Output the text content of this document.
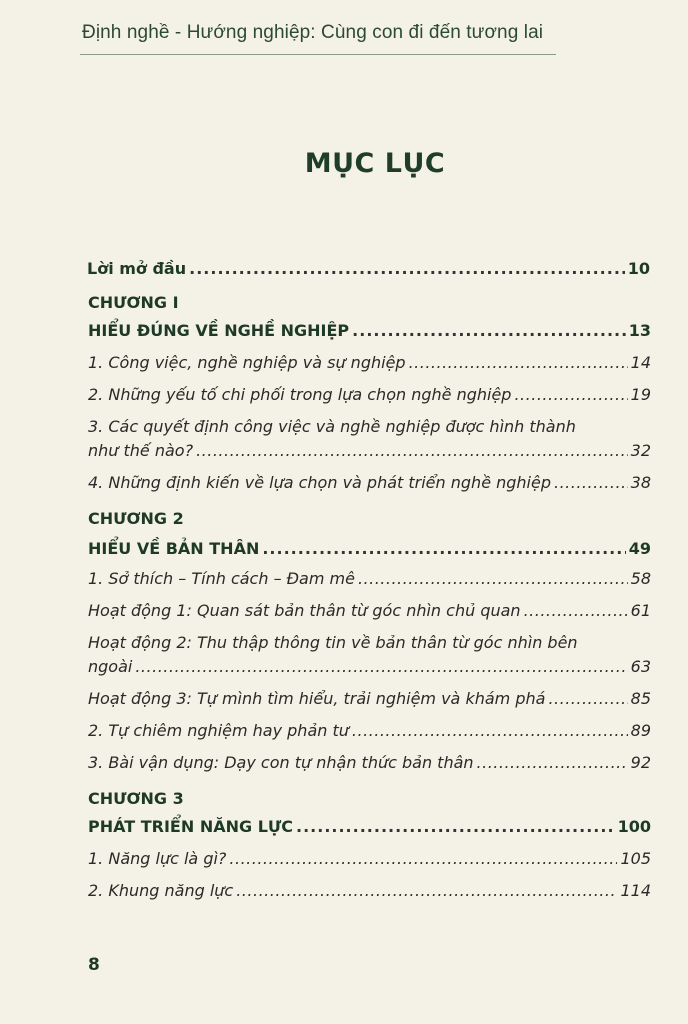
Định nghề - Hướng nghiệp: Cùng con đi đến tương lai
MỤC LỤC
Lời mở đầu .....	10
CHƯƠNG I
HIỂU ĐÚNG VỀ NGHỀ NGHIỆP .....	13
1. Công việc, nghề nghiệp và sự nghiệp .....	14
2. Những yếu tố chi phối trong lựa chọn nghề nghiệp .....	19
3. Các quyết định công việc và nghề nghiệp được hình thành
như thế nào? .....	32
4. Những định kiến về lựa chọn và phát triển nghề nghiệp .....	38
CHƯƠNG 2
HIỂU VỀ BẢN THÂN .....	49
1. Sở thích – Tính cách – Đam mê .....	58
Hoạt động 1: Quan sát bản thân từ góc nhìn chủ quan .....	61
Hoạt động 2: Thu thập thông tin về bản thân từ góc nhìn bên
ngoài .....	63
Hoạt động 3: Tự mình tìm hiểu, trải nghiệm và khám phá .....	85
2. Tự chiêm nghiệm hay phản tư .....	89
3. Bài vận dụng: Dạy con tự nhận thức bản thân .....	92
CHƯƠNG 3
PHÁT TRIỂN NĂNG LỰC .....	100
1. Năng lực là gì? .....	105
2. Khung năng lực .....	114
8
